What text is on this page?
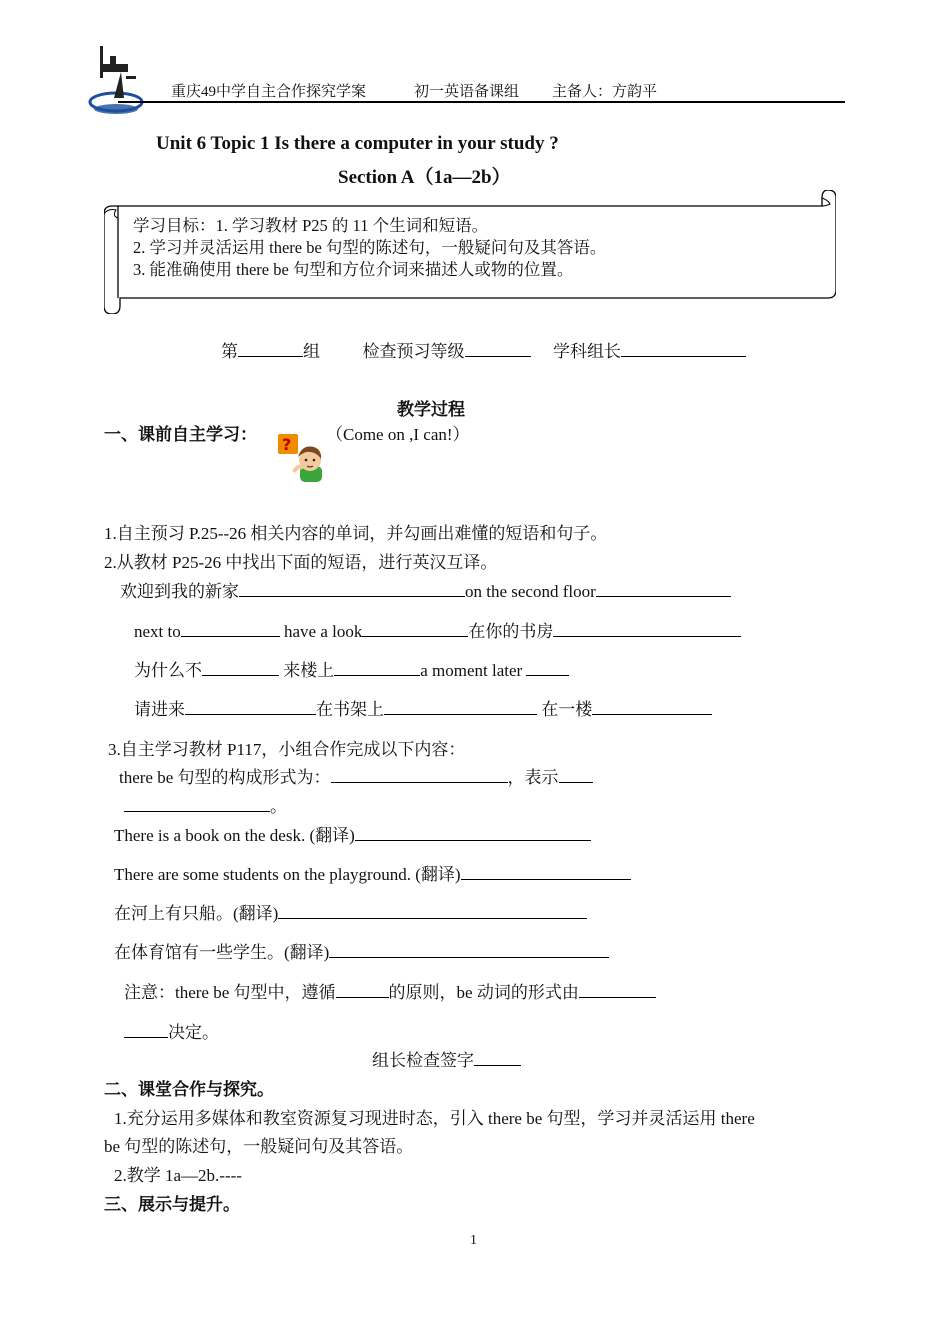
重庆49中学自主合作探究学案	初一英语备课组 主备人：方韵平
Unit 6 Topic 1 Is there a computer in your study ?
Section A（1a—2b）
学习目标：1. 学习教材 P25 的 11 个生词和短语。
2. 学习并灵活运用 there be 句型的陈述句，一般疑问句及其答语。
3. 能准确使用 there be 句型和方位介词来描述人或物的位置。
第	组	检查预习等级	学科组长
教学过程
一、课前自主学习：	（Come on ,I can!）
?
1.自主预习 P.25--26 相关内容的单词，并勾画出难懂的短语和句子。
2.从教材 P25-26 中找出下面的短语，进行英汉互译。
欢迎到我的新家	on the second floor
next to	have a look	在你的书房
为什么不	来楼上	a moment later
请进来	在书架上	在一楼
3.自主学习教材 P117，小组合作完成以下内容：
there be 句型的构成形式为：	，表示
。
There is a book on the desk. (翻译)
There are some students on the playground. (翻译)
在河上有只船。(翻译)
在体育馆有一些学生。(翻译)
注意：there be 句型中，遵循	的原则，be 动词的形式由
决定。
组长检查签字
二、课堂合作与探究。
1.充分运用多媒体和教室资源复习现进时态，引入 there be 句型，学习并灵活运用 there
be 句型的陈述句，一般疑问句及其答语。
2.教学 1a—2b.----
三、展示与提升。
1
